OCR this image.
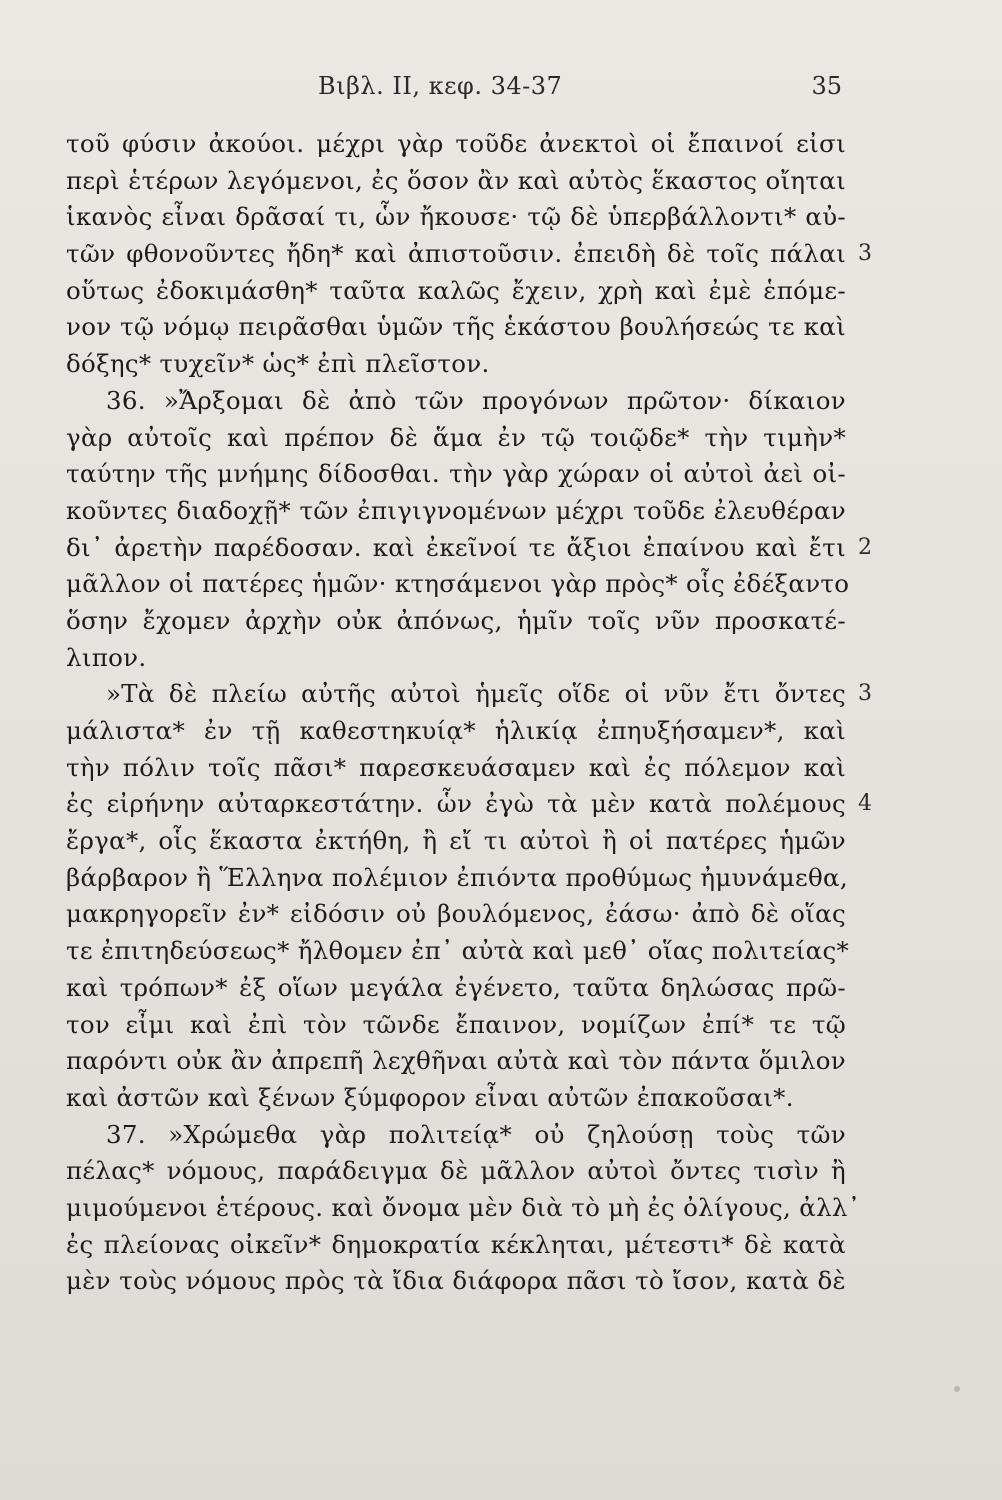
Βιβλ. II, κεφ. 34-37	35
τοῦ φύσιν ἀκούοι. μέχρι γὰρ τοῦδε ἀνεκτοὶ οἱ ἔπαινοί εἰσι
περὶ ἑτέρων λεγόμενοι, ἐς ὅσον ἂν καὶ αὐτὸς ἕκαστος οἴηται
ἱκανὸς εἶναι δρᾶσαί τι, ὧν ἤκουσε· τῷ δὲ ὑπερβάλλοντι* αὐ-
τῶν φθονοῦντες ἤδη* καὶ ἀπιστοῦσιν. ἐπειδὴ δὲ τοῖς πάλαι 3
οὕτως ἐδοκιμάσθη* ταῦτα καλῶς ἔχειν, χρὴ καὶ ἐμὲ ἑπόμε-
νον τῷ νόμῳ πειρᾶσθαι ὑμῶν τῆς ἑκάστου βουλήσεώς τε καὶ
δόξης* τυχεῖν* ὡς* ἐπὶ πλεῖστον.
36. »Ἄρξομαι δὲ ἀπὸ τῶν προγόνων πρῶτον· δίκαιον
γὰρ αὐτοῖς καὶ πρέπον δὲ ἅμα ἐν τῷ τοιῷδε* τὴν τιμὴν*
ταύτην τῆς μνήμης δίδοσθαι. τὴν γὰρ χώραν οἱ αὐτοὶ ἀεὶ οἰ-
κοῦντες διαδοχῇ* τῶν ἐπιγιγνομένων μέχρι τοῦδε ἐλευθέραν
δι᾽ ἀρετὴν παρέδοσαν. καὶ ἐκεῖνοί τε ἄξιοι ἐπαίνου καὶ ἔτι 2
μᾶλλον οἱ πατέρες ἡμῶν· κτησάμενοι γὰρ πρὸς* οἷς ἐδέξαντο
ὅσην ἔχομεν ἀρχὴν οὐκ ἀπόνως, ἡμῖν τοῖς νῦν προσκατέ-
λιπον.
»Τὰ δὲ πλείω αὐτῆς αὐτοὶ ἡμεῖς οἵδε οἱ νῦν ἔτι ὄντες 3
μάλιστα* ἐν τῇ καθεστηκυίᾳ* ἡλικίᾳ ἐπηυξήσαμεν*, καὶ
τὴν πόλιν τοῖς πᾶσι* παρεσκευάσαμεν καὶ ἐς πόλεμον καὶ
ἐς εἰρήνην αὐταρκεστάτην. ὧν ἐγὼ τὰ μὲν κατὰ πολέμους 4
ἔργα*, οἷς ἕκαστα ἐκτήθη, ἢ εἴ τι αὐτοὶ ἢ οἱ πατέρες ἡμῶν
βάρβαρον ἢ Ἕλληνα πολέμιον ἐπιόντα προθύμως ἠμυνάμεθα,
μακρηγορεῖν ἐν* εἰδόσιν οὐ βουλόμενος, ἐάσω· ἀπὸ δὲ οἵας
τε ἐπιτηδεύσεως* ἤλθομεν ἐπ᾽ αὐτὰ καὶ μεθ᾽ οἵας πολιτείας*
καὶ τρόπων* ἐξ οἵων μεγάλα ἐγένετο, ταῦτα δηλώσας πρῶ-
τον εἶμι καὶ ἐπὶ τὸν τῶνδε ἔπαινον, νομίζων ἐπί* τε τῷ
παρόντι οὐκ ἂν ἀπρεπῆ λεχθῆναι αὐτὰ καὶ τὸν πάντα ὅμιλον
καὶ ἀστῶν καὶ ξένων ξύμφορον εἶναι αὐτῶν ἐπακοῦσαι*.
37. »Χρώμεθα γὰρ πολιτείᾳ* οὐ ζηλούσῃ τοὺς τῶν
πέλας* νόμους, παράδειγμα δὲ μᾶλλον αὐτοὶ ὄντες τισὶν ἢ
μιμούμενοι ἑτέρους. καὶ ὄνομα μὲν διὰ τὸ μὴ ἐς ὀλίγους, ἀλλ᾽
ἐς πλείονας οἰκεῖν* δημοκρατία κέκληται, μέτεστι* δὲ κατὰ
μὲν τοὺς νόμους πρὸς τὰ ἴδια διάφορα πᾶσι τὸ ἴσον, κατὰ δὲ
